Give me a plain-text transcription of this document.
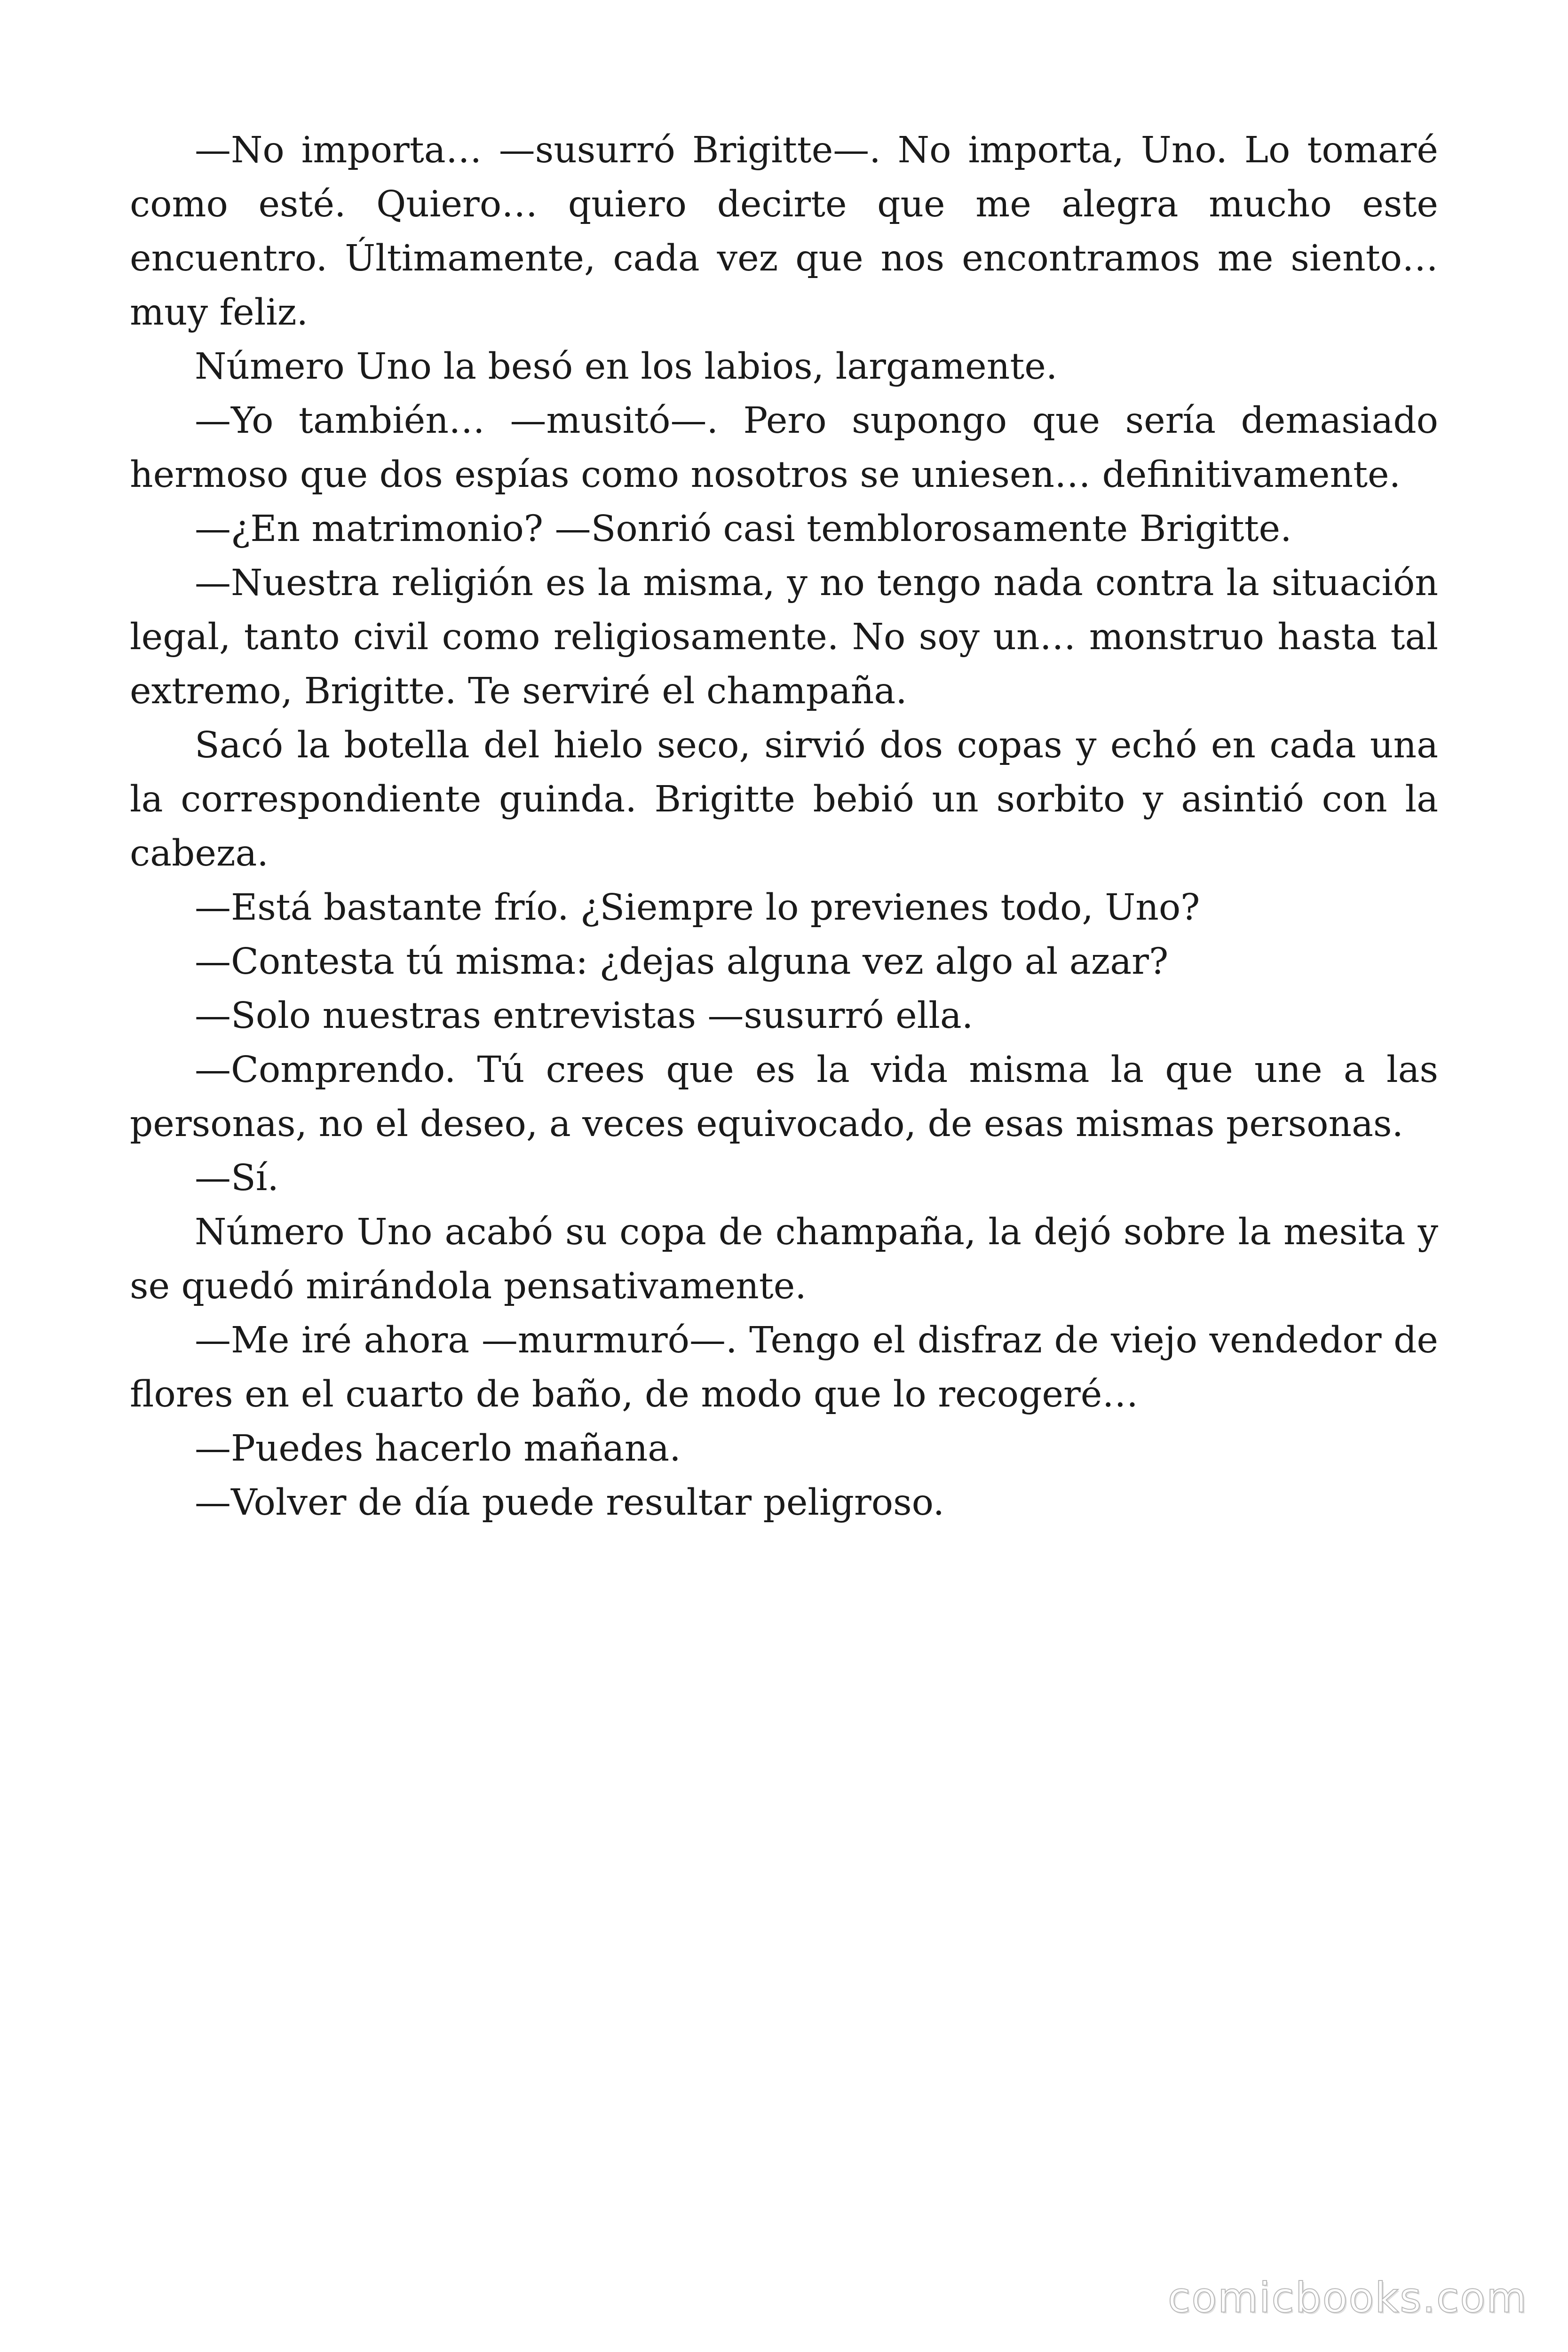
—No importa… —susurró Brigitte—. No importa, Uno. Lo tomaré como esté. Quiero… quiero decirte que me alegra mucho este encuentro. Últimamente, cada vez que nos encontramos me siento… muy feliz.

Número Uno la besó en los labios, largamente.

—Yo también… —musitó—. Pero supongo que sería demasiado hermoso que dos espías como nosotros se uniesen… definitivamente.

—¿En matrimonio? —Sonrió casi temblorosamente Brigitte.

—Nuestra religión es la misma, y no tengo nada contra la situación legal, tanto civil como religiosamente. No soy un… monstruo hasta tal extremo, Brigitte. Te serviré el champaña.

Sacó la botella del hielo seco, sirvió dos copas y echó en cada una la correspondiente guinda. Brigitte bebió un sorbito y asintió con la cabeza.

—Está bastante frío. ¿Siempre lo previenes todo, Uno?

—Contesta tú misma: ¿dejas alguna vez algo al azar?

—Solo nuestras entrevistas —susurró ella.

—Comprendo. Tú crees que es la vida misma la que une a las personas, no el deseo, a veces equivocado, de esas mismas personas.

—Sí.

Número Uno acabó su copa de champaña, la dejó sobre la mesita y se quedó mirándola pensativamente.

—Me iré ahora —murmuró—. Tengo el disfraz de viejo vendedor de flores en el cuarto de baño, de modo que lo recogeré…

—Puedes hacerlo mañana.

—Volver de día puede resultar peligroso.

comicbooks.com
